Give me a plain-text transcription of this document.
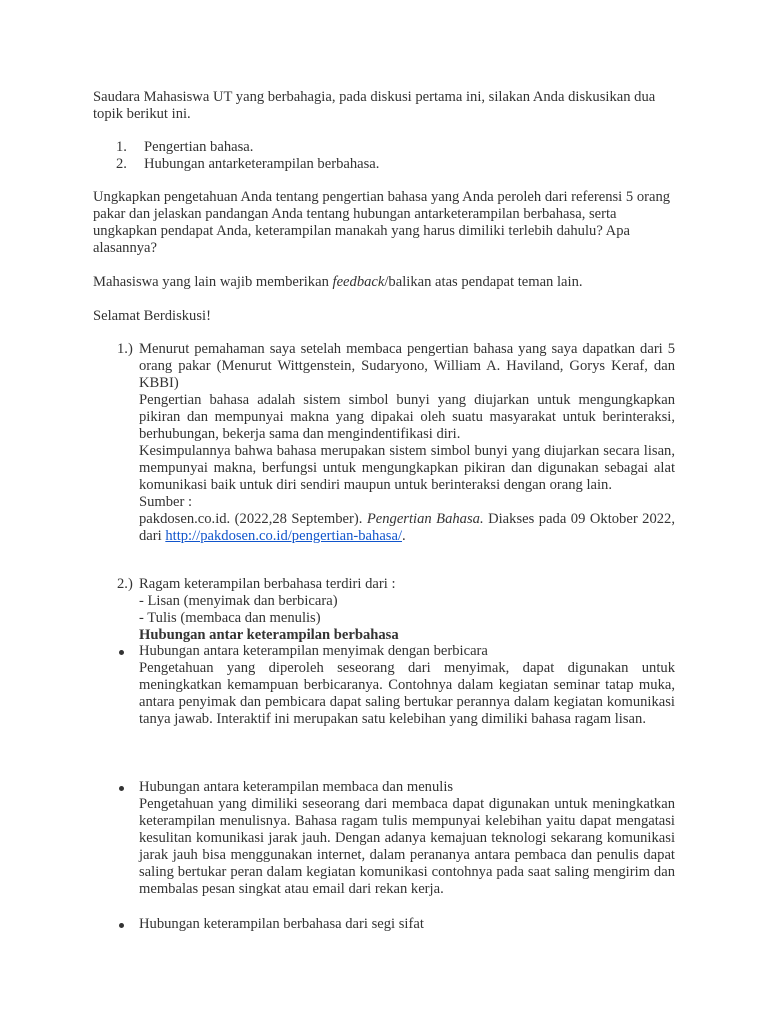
Saudara Mahasiswa UT yang berbahagia, pada diskusi pertama ini, silakan Anda diskusikan dua topik berikut ini.

1.	Pengertian bahasa.
2.	Hubungan antarketerampilan berbahasa.

Ungkapkan pengetahuan Anda tentang pengertian bahasa yang Anda peroleh dari referensi 5 orang pakar dan jelaskan pandangan Anda tentang hubungan antarketerampilan berbahasa, serta ungkapkan pendapat Anda, keterampilan manakah yang harus dimiliki terlebih dahulu? Apa alasannya?

Mahasiswa yang lain wajib memberikan feedback/balikan atas pendapat teman lain.

Selamat Berdiskusi!

1.) Menurut pemahaman saya setelah membaca pengertian bahasa yang saya dapatkan dari 5 orang pakar (Menurut Wittgenstein, Sudaryono, William A. Haviland, Gorys Keraf, dan KBBI)

Pengertian bahasa adalah sistem simbol bunyi yang diujarkan untuk mengungkapkan pikiran dan mempunyai makna yang dipakai oleh suatu masyarakat untuk berinteraksi, berhubungan, bekerja sama dan mengindentifikasi diri.

Kesimpulannya bahwa bahasa merupakan sistem simbol bunyi yang diujarkan secara lisan, mempunyai makna, berfungsi untuk mengungkapkan pikiran dan digunakan sebagai alat komunikasi baik untuk diri sendiri maupun untuk berinteraksi dengan orang lain.

Sumber :

pakdosen.co.id. (2022,28 September). Pengertian Bahasa. Diakses pada 09 Oktober 2022, dari http://pakdosen.co.id/pengertian-bahasa/.

2.) Ragam keterampilan berbahasa terdiri dari :

- Lisan (menyimak dan berbicara)

- Tulis (membaca dan menulis)

Hubungan antar keterampilan berbahasa

Hubungan antara keterampilan menyimak dengan berbicara

Pengetahuan yang diperoleh seseorang dari menyimak, dapat digunakan untuk meningkatkan kemampuan berbicaranya. Contohnya dalam kegiatan seminar tatap muka, antara penyimak dan pembicara dapat saling bertukar perannya dalam kegiatan komunikasi tanya jawab. Interaktif ini merupakan satu kelebihan yang dimiliki bahasa ragam lisan.

Hubungan antara keterampilan membaca dan menulis

Pengetahuan yang dimiliki seseorang dari membaca dapat digunakan untuk meningkatkan keterampilan menulisnya. Bahasa ragam tulis mempunyai kelebihan yaitu dapat mengatasi kesulitan komunikasi jarak jauh. Dengan adanya kemajuan teknologi sekarang komunikasi jarak jauh bisa menggunakan internet, dalam perananya antara pembaca dan penulis dapat saling bertukar peran dalam kegiatan komunikasi contohnya pada saat saling mengirim dan membalas pesan singkat atau email dari rekan kerja.

Hubungan keterampilan berbahasa dari segi sifat
